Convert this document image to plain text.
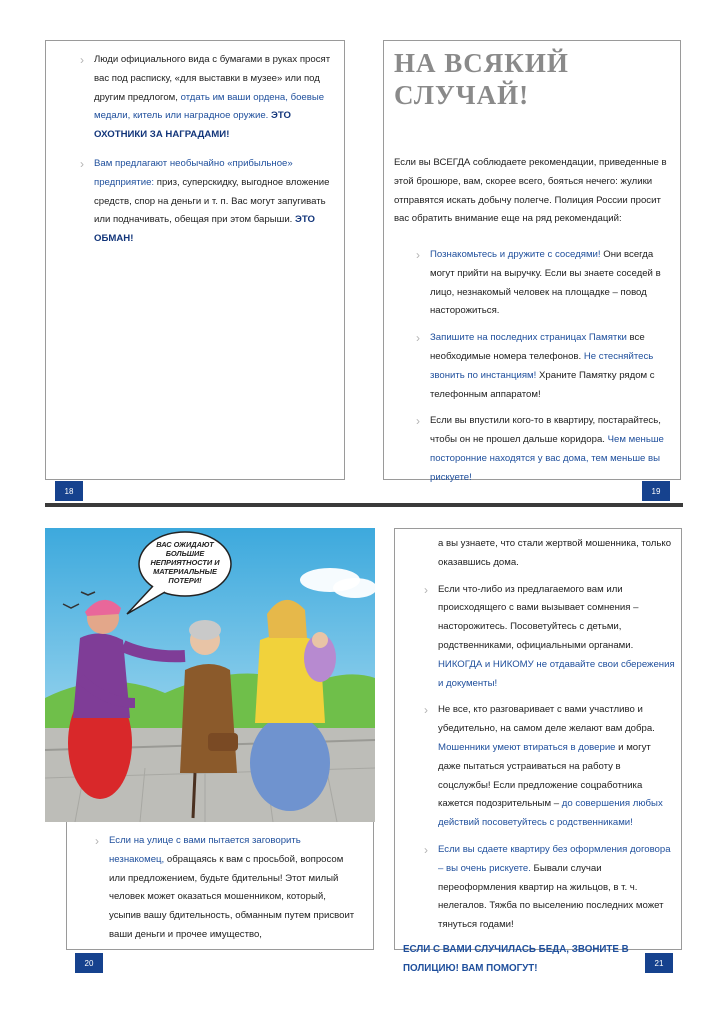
› Люди официального вида с бумагами в руках просят вас под расписку, «для выставки в музее» или под другим предлогом, отдать им ваши ордена, боевые медали, китель или наградное оружие. ЭТО ОХОТНИКИ ЗА НАГРАДАМИ!
› Вам предлагают необычайно «прибыльное» предприятие: приз, суперскидку, выгодное вложение средств, спор на деньги и т. п. Вас могут запугивать или подначивать, обещая при этом барыши. ЭТО ОБМАН!
18
НА ВСЯКИЙ
СЛУЧАЙ!
Если вы ВСЕГДА соблюдаете рекомендации, приведенные в этой брошюре, вам, скорее всего, бояться нечего: жулики отправятся искать добычу полегче. Полиция России просит вас обратить внимание еще на ряд рекомендаций:
› Познакомьтесь и дружите с соседями! Они всегда могут прийти на выручку. Если вы знаете соседей в лицо, незнакомый человек на площадке – повод насторожиться.
› Запишите на последних страницах Памятки все необходимые номера телефонов. Не стесняйтесь звонить по инстанциям! Храните Памятку рядом с телефонным аппаратом!
› Если вы впустили кого-то в квартиру, постарайтесь, чтобы он не прошел дальше коридора. Чем меньше посторонние находятся у вас дома, тем меньше вы рискуете!
19
ВАС ОЖИДАЮТ БОЛЬШИЕ НЕПРИЯТНОСТИ И МАТЕРИАЛЬНЫЕ ПОТЕРИ!
› Если на улице с вами пытается заговорить незнакомец, обращаясь к вам с просьбой, вопросом или предложением, будьте бдительны! Этот милый человек может оказаться мошенником, который, усыпив вашу бдительность, обманным путем присвоит ваши деньги и прочее имущество,
20
а вы узнаете, что стали жертвой мошенника, только оказавшись дома.
› Если что-либо из предлагаемого вам или происходящего с вами вызывает сомнения – насторожитесь. Посоветуйтесь с детьми, родственниками, официальными органами. НИКОГДА и НИКОМУ не отдавайте свои сбережения и документы!
› Не все, кто разговаривает с вами участливо и убедительно, на самом деле желают вам добра. Мошенники умеют втираться в доверие и могут даже пытаться устраиваться на работу в соцслужбы! Если предложение соцработника кажется подозрительным – до совершения любых действий посоветуйтесь с родственниками!
› Если вы сдаете квартиру без оформления договора – вы очень рискуете. Бывали случаи переоформления квартир на жильцов, в т. ч. нелегалов. Тяжба по выселению последних может тянуться годами!
ЕСЛИ С ВАМИ СЛУЧИЛАСЬ БЕДА, ЗВОНИТЕ В ПОЛИЦИЮ! ВАМ ПОМОГУТ!	21
